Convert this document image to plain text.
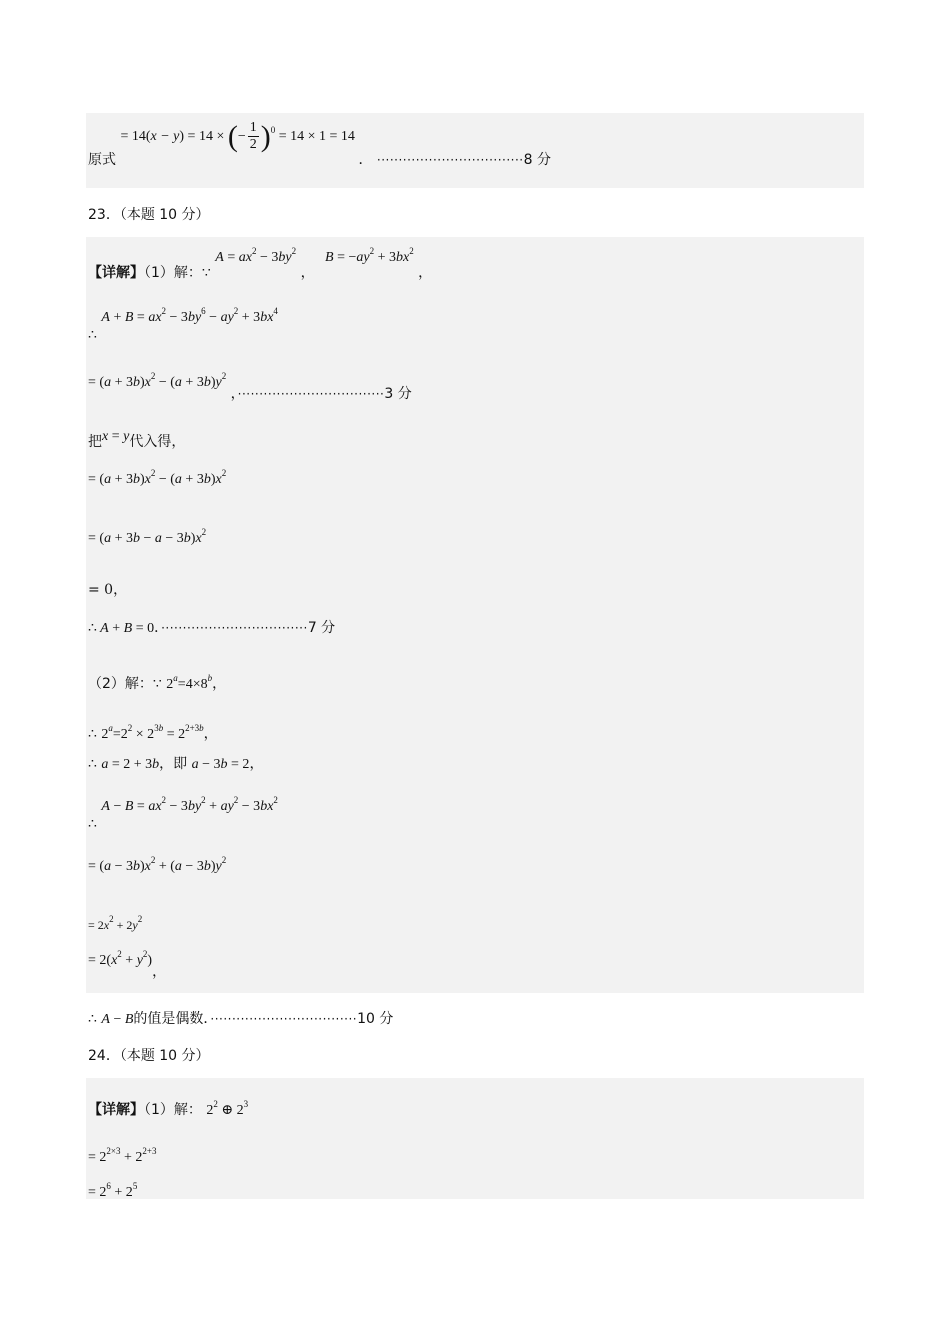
原式 = 14(x − y) = 14 × (− $\frac{1}{2} )^0 = 14 \times 1 = 14$ ． ··································8 分
23．（本题 10 分）
【详解】（1）解：∵ $A = ax^2 - 3by^2$ ， $B = -ay^2 + 3bx^2$ ，
∴ $A + B = ax^2 - 3by^6 - ay^2 + 3bx^4$
= $(a + 3b)x^2 - (a + 3b)y^2$ ，··································3 分
把x = y代入得，
= $(a + 3b)x^2 - (a + 3b)x^2$
= $(a + 3b - a - 3b)x^2$
= 0，
∴ A + B = 0．··································7 分
（2）解：∵ $2^a=4\times 8^b$，
∴ $2^a=2^2 \times 2^{3b} = 2^{2+3b}$，
∴ a = 2 + 3b，即 a − 3b = 2，
∴ $A - B = ax^2 - 3by^2 + ay^2 - 3bx^2$
= $(a - 3b)x^2 + (a - 3b)y^2$
= $2x^2 + 2y^2$
= $2(x^2 + y^2)$，
∴ A − B的值是偶数．··································10 分
24．（本题 10 分）
【详解】（1）解： $2^2$ ⊕ $2^3$
= $2^{2\times 3} + 2^{2+3}$
= $2^6 + 2^5$
